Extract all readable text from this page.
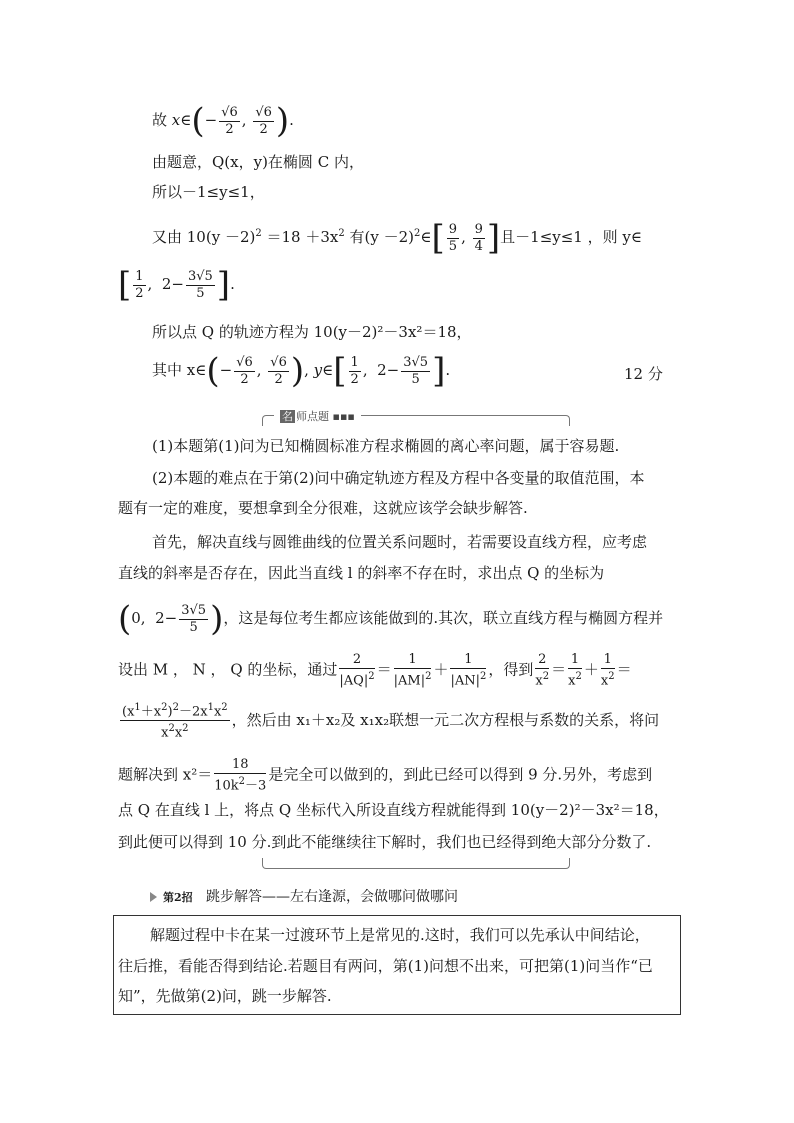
故 x∈(− $\frac{√6}{2}$ , $\frac{√6}{2}$ ).
由题意，Q(x，y)在椭圆 C 内，
所以－1≤y≤1，
又由 $10(y -2)^2 =18 +3x^2$ 有$(y -2)^2\in[ \frac{9}{5}$ , $\frac{9}{4}$ ]且－1≤y≤1 ，则 y∈
[ $\frac{1}{2}$ ,  $2- \frac{3√5}{5}$ ].
所以点 Q 的轨迹方程为 10(y－2)²－3x²＝18，
其中 x∈(− $\frac{√6}{2}$ , $\frac{√6}{2}$ ), y∈[ $\frac{1}{2}$ ,  $2- \frac{3√5}{5}$ ].	12 分
名 师点题 ▪▪▪
(1)本题第(1)问为已知椭圆标准方程求椭圆的离心率问题，属于容易题.
(2)本题的难点在于第(2)问中确定轨迹方程及方程中各变量的取值范围，本
题有一定的难度，要想拿到全分很难，这就应该学会缺步解答.
首先，解决直线与圆锥曲线的位置关系问题时，若需要设直线方程，应考虑
直线的斜率是否存在，因此当直线 l 的斜率不存在时，求出点 Q 的坐标为
(0,  $2- \frac{3√5}{5}$ )，这是每位考生都应该能做到的.其次，联立直线方程与椭圆方程并
设出 M ， N ， Q 的坐标，通过 $\frac{2}{|AQ|^2} = \frac{1}{|AM|^2} + \frac{1}{|AN|^2}$ ，得到 $\frac{2}{x^2} = \frac{1}{x^2} + \frac{1}{x^2}$ ＝
$\frac{(x^1+x^2)^2-2x^1x^2}{x^2x^2}$ ，然后由 x₁＋x₂及 x₁x₂联想一元二次方程根与系数的关系，将问
题解决到 $x^2= \frac{18}{10k^2-3}$ 是完全可以做到的，到此已经可以得到 9 分.另外，考虑到
点 Q 在直线 l 上，将点 Q 坐标代入所设直线方程就能得到 10(y－2)²－3x²＝18，
到此便可以得到 10 分.到此不能继续往下解时，我们也已经得到绝大部分分数了.
第2招 跳步解答——左右逢源，会做哪问做哪问
解题过程中卡在某一过渡环节上是常见的.这时，我们可以先承认中间结论，
往后推，看能否得到结论.若题目有两问，第(1)问想不出来，可把第(1)问当作“已
知”，先做第(2)问，跳一步解答.
